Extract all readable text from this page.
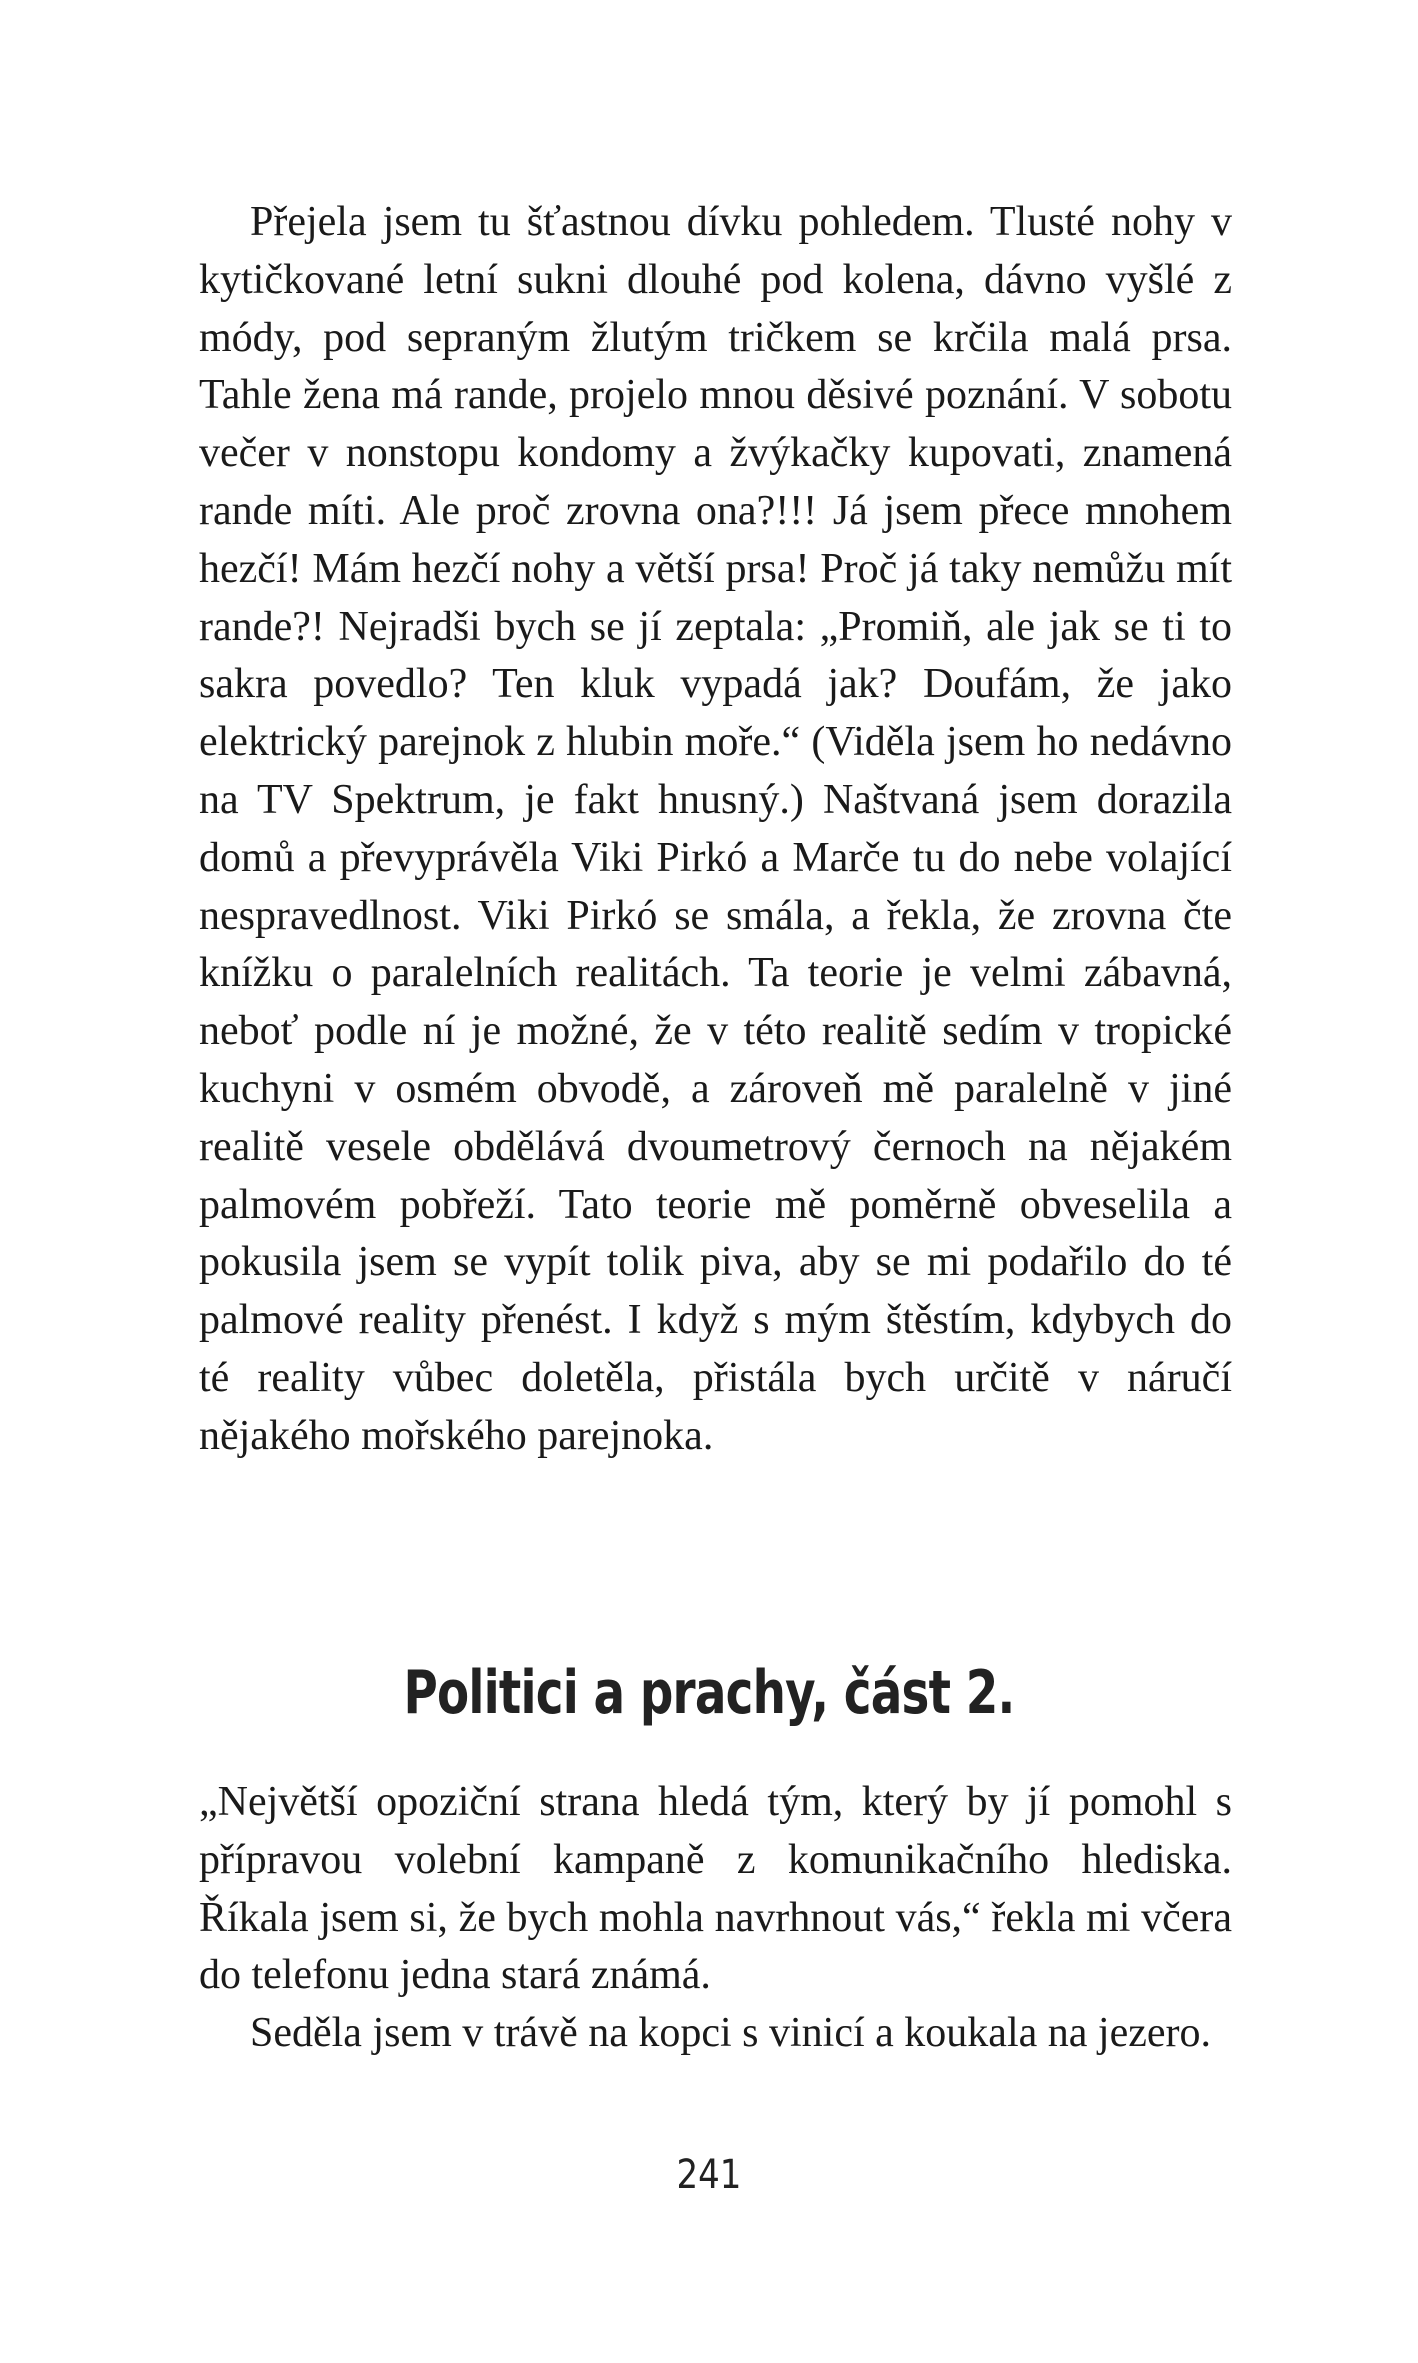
Přejela jsem tu šťastnou dívku pohledem. Tlusté nohy v kytičkované letní sukni dlouhé pod kolena, dávno vyšlé z módy, pod sepraným žlutým tričkem se krčila malá prsa. Tahle žena má rande, projelo mnou děsivé poznání. V sobotu večer v nonstopu kondomy a žvýkačky kupovati, znamená rande míti. Ale proč zrovna ona?!!! Já jsem přece mnohem hezčí! Mám hezčí nohy a větší prsa! Proč já taky nemůžu mít rande?! Nejradši bych se jí zeptala: „Promiň, ale jak se ti to sakra povedlo? Ten kluk vypadá jak? Doufám, že jako elektrický parejnok z hlubin moře.“ (Viděla jsem ho nedávno na TV Spektrum, je fakt hnusný.) Naštvaná jsem dorazila domů a převyprávěla Viki Pirkó a Marče tu do nebe volající nespravedlnost. Viki Pirkó se smála, a řekla, že zrovna čte knížku o paralelních realitách. Ta teorie je velmi zábavná, neboť podle ní je možné, že v této realitě sedím v tropické kuchyni v osmém obvodě, a zároveň mě paralelně v jiné realitě vesele obdělává dvoumetrový černoch na nějakém palmovém pobřeží. Tato teorie mě poměrně obveselila a pokusila jsem se vypít tolik piva, aby se mi podařilo do té palmové reality přenést. I když s mým štěstím, kdybych do té reality vůbec doletěla, přistála bych určitě v náručí nějakého mořského parejnoka.

Politici a prachy, část 2.

„Největší opoziční strana hledá tým, který by jí pomohl s přípravou volební kampaně z komunikačního hlediska. Říkala jsem si, že bych mohla navrhnout vás,“ řekla mi včera do telefonu jedna stará známá.

Seděla jsem v trávě na kopci s vinicí a koukala na jezero.

241
